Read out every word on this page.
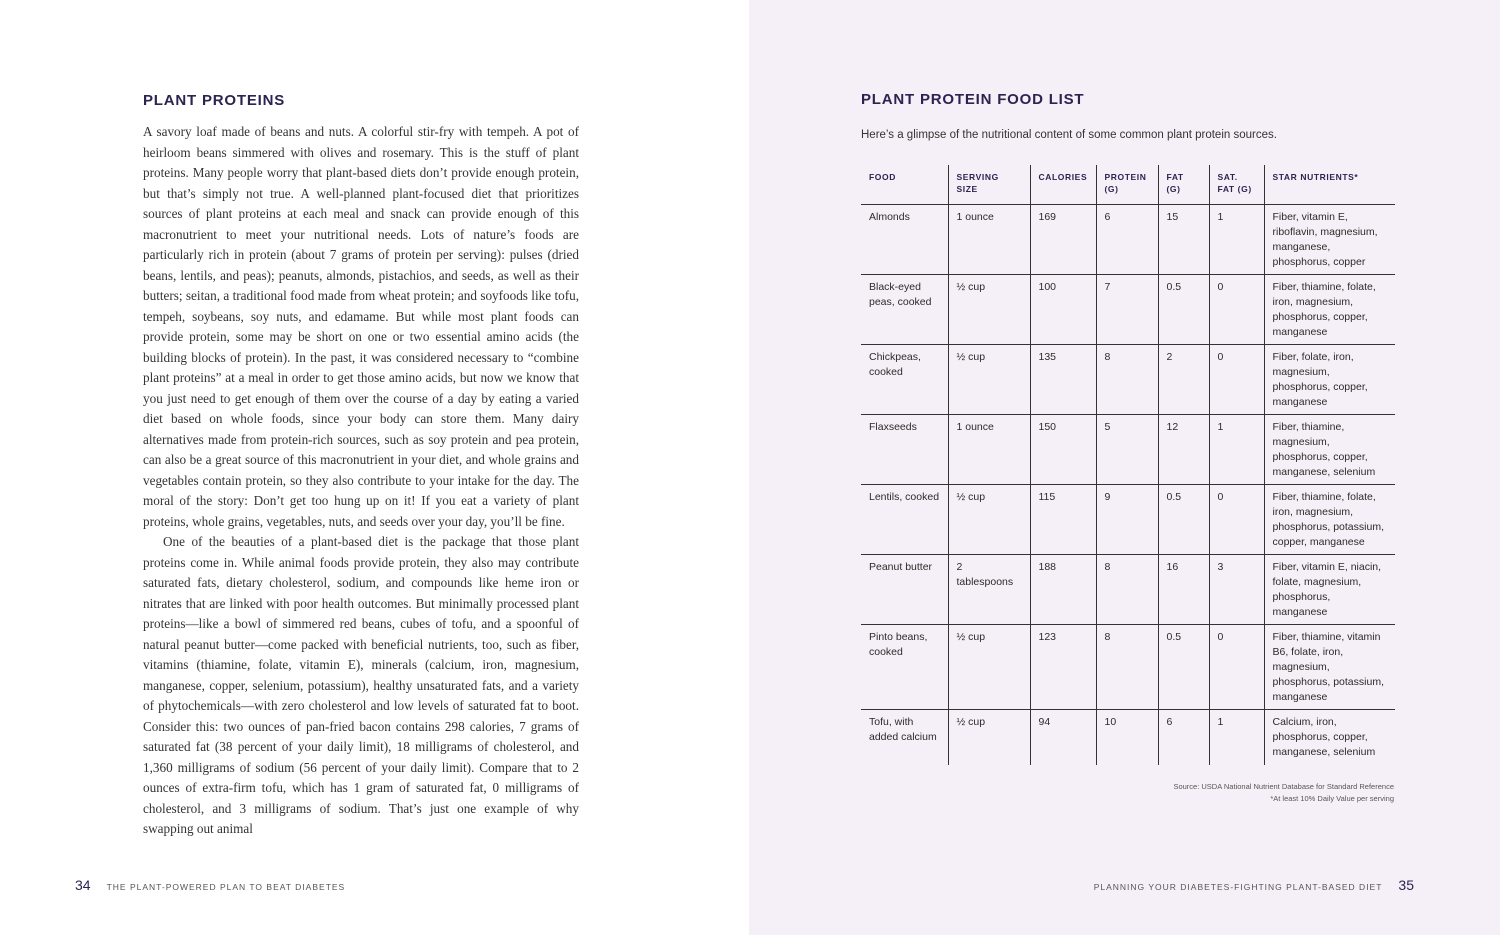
PLANT PROTEINS

A savory loaf made of beans and nuts. A colorful stir-fry with tempeh. A pot of heirloom beans simmered with olives and rosemary. This is the stuff of plant proteins. Many people worry that plant-based diets don’t provide enough protein, but that’s simply not true. A well-planned plant-focused diet that prioritizes sources of plant proteins at each meal and snack can provide enough of this macronutrient to meet your nutritional needs. Lots of nature’s foods are particularly rich in protein (about 7 grams of protein per serving): pulses (dried beans, lentils, and peas); peanuts, almonds, pistachios, and seeds, as well as their butters; seitan, a traditional food made from wheat protein; and soyfoods like tofu, tempeh, soybeans, soy nuts, and edamame. But while most plant foods can provide protein, some may be short on one or two essential amino acids (the building blocks of protein). In the past, it was considered necessary to “combine plant proteins” at a meal in order to get those amino acids, but now we know that you just need to get enough of them over the course of a day by eating a varied diet based on whole foods, since your body can store them. Many dairy alternatives made from protein-rich sources, such as soy protein and pea protein, can also be a great source of this macronutrient in your diet, and whole grains and vegetables contain protein, so they also contribute to your intake for the day. The moral of the story: Don’t get too hung up on it! If you eat a variety of plant proteins, whole grains, vegetables, nuts, and seeds over your day, you’ll be fine.

One of the beauties of a plant-based diet is the package that those plant proteins come in. While animal foods provide protein, they also may contribute saturated fats, dietary cholesterol, sodium, and compounds like heme iron or nitrates that are linked with poor health outcomes. But minimally processed plant proteins—like a bowl of simmered red beans, cubes of tofu, and a spoonful of natural peanut butter—come packed with beneficial nutrients, too, such as fiber, vitamins (thiamine, folate, vitamin E), minerals (calcium, iron, magnesium, manganese, copper, selenium, potassium), healthy unsaturated fats, and a variety of phytochemicals—with zero cholesterol and low levels of saturated fat to boot. Consider this: two ounces of pan-fried bacon contains 298 calories, 7 grams of saturated fat (38 percent of your daily limit), 18 milligrams of cholesterol, and 1,360 milligrams of sodium (56 percent of your daily limit). Compare that to 2 ounces of extra-firm tofu, which has 1 gram of saturated fat, 0 milligrams of cholesterol, and 3 milligrams of sodium. That’s just one example of why swapping out animal

34 THE PLANT-POWERED PLAN TO BEAT DIABETES
PLANT PROTEIN FOOD LIST

Here’s a glimpse of the nutritional content of some common plant protein sources.

FOOD	SERVING SIZE	CALORIES	PROTEIN (G)	FAT (G)	SAT. FAT (G)	STAR NUTRIENTS*
Almonds	1 ounce	169	6	15	1	Fiber, vitamin E, riboflavin, magnesium, manganese, phosphorus, copper
Black-eyed peas, cooked	½ cup	100	7	0.5	0	Fiber, thiamine, folate, iron, magnesium, phosphorus, copper, manganese
Chickpeas, cooked	½ cup	135	8	2	0	Fiber, folate, iron, magnesium, phosphorus, copper, manganese
Flaxseeds	1 ounce	150	5	12	1	Fiber, thiamine, magnesium, phosphorus, copper, manganese, selenium
Lentils, cooked	½ cup	115	9	0.5	0	Fiber, thiamine, folate, iron, magnesium, phosphorus, potassium, copper, manganese
Peanut butter	2 tablespoons	188	8	16	3	Fiber, vitamin E, niacin, folate, magnesium, phosphorus, manganese
Pinto beans, cooked	½ cup	123	8	0.5	0	Fiber, thiamine, vitamin B6, folate, iron, magnesium, phosphorus, potassium, manganese
Tofu, with added calcium	½ cup	94	10	6	1	Calcium, iron, phosphorus, copper, manganese, selenium
Source: USDA National Nutrient Database for Standard Reference
*At least 10% Daily Value per serving
PLANNING YOUR DIABETES-FIGHTING PLANT-BASED DIET 35
